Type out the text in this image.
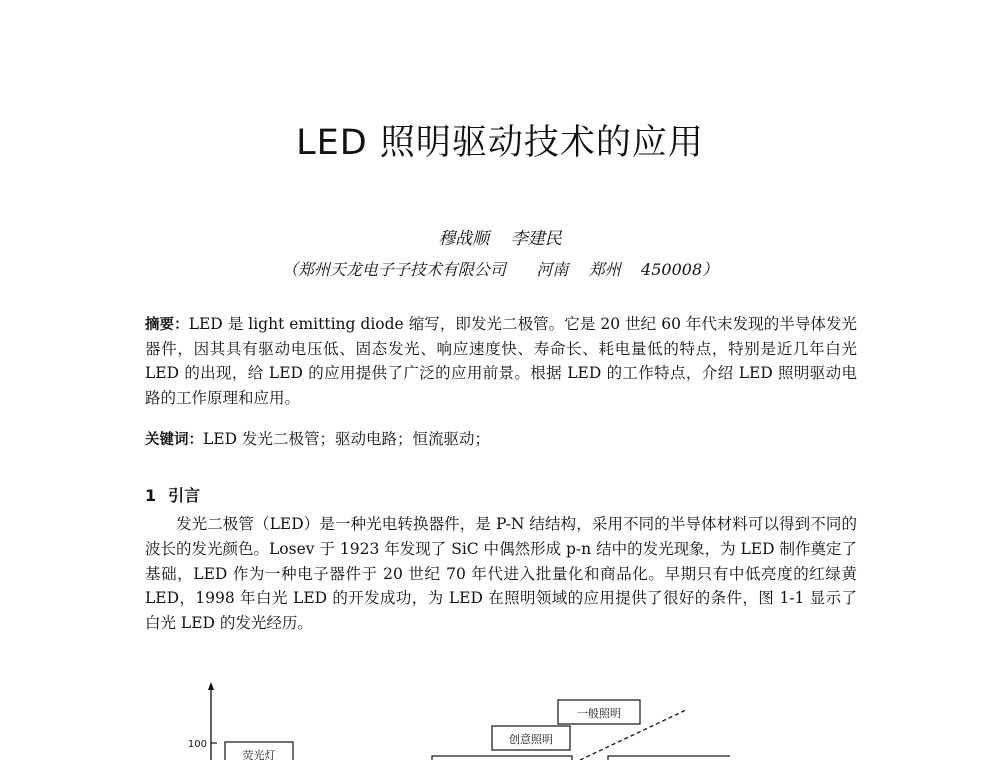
LED 照明驱动技术的应用
穆战顺    李建民
（郑州天龙电子子技术有限公司      河南    郑州    450008）
摘要：LED 是 light emitting diode 缩写，即发光二极管。它是 20 世纪 60 年代末发现的半导体发光器件，因其具有驱动电压低、固态发光、响应速度快、寿命长、耗电量低的特点，特别是近几年白光 LED 的出现，给 LED 的应用提供了广泛的应用前景。根据 LED 的工作特点，介绍 LED 照明驱动电路的工作原理和应用。
关键词：LED 发光二极管；驱动电路；恒流驱动；
1 引言
发光二极管（LED）是一种光电转换器件，是 P-N 结结构，采用不同的半导体材料可以得到不同的波长的发光颜色。Losev 于 1923 年发现了 SiC 中偶然形成 p-n 结中的发光现象，为 LED 制作奠定了基础，LED 作为一种电子器件于 20 世纪 70 年代进入批量化和商品化。早期只有中低亮度的红绿黄 LED，1998 年白光 LED 的开发成功，为 LED 在照明领域的应用提供了很好的条件，图 1-1 显示了白光 LED 的发光经历。
100
荧光灯
一般照明
创意照明
